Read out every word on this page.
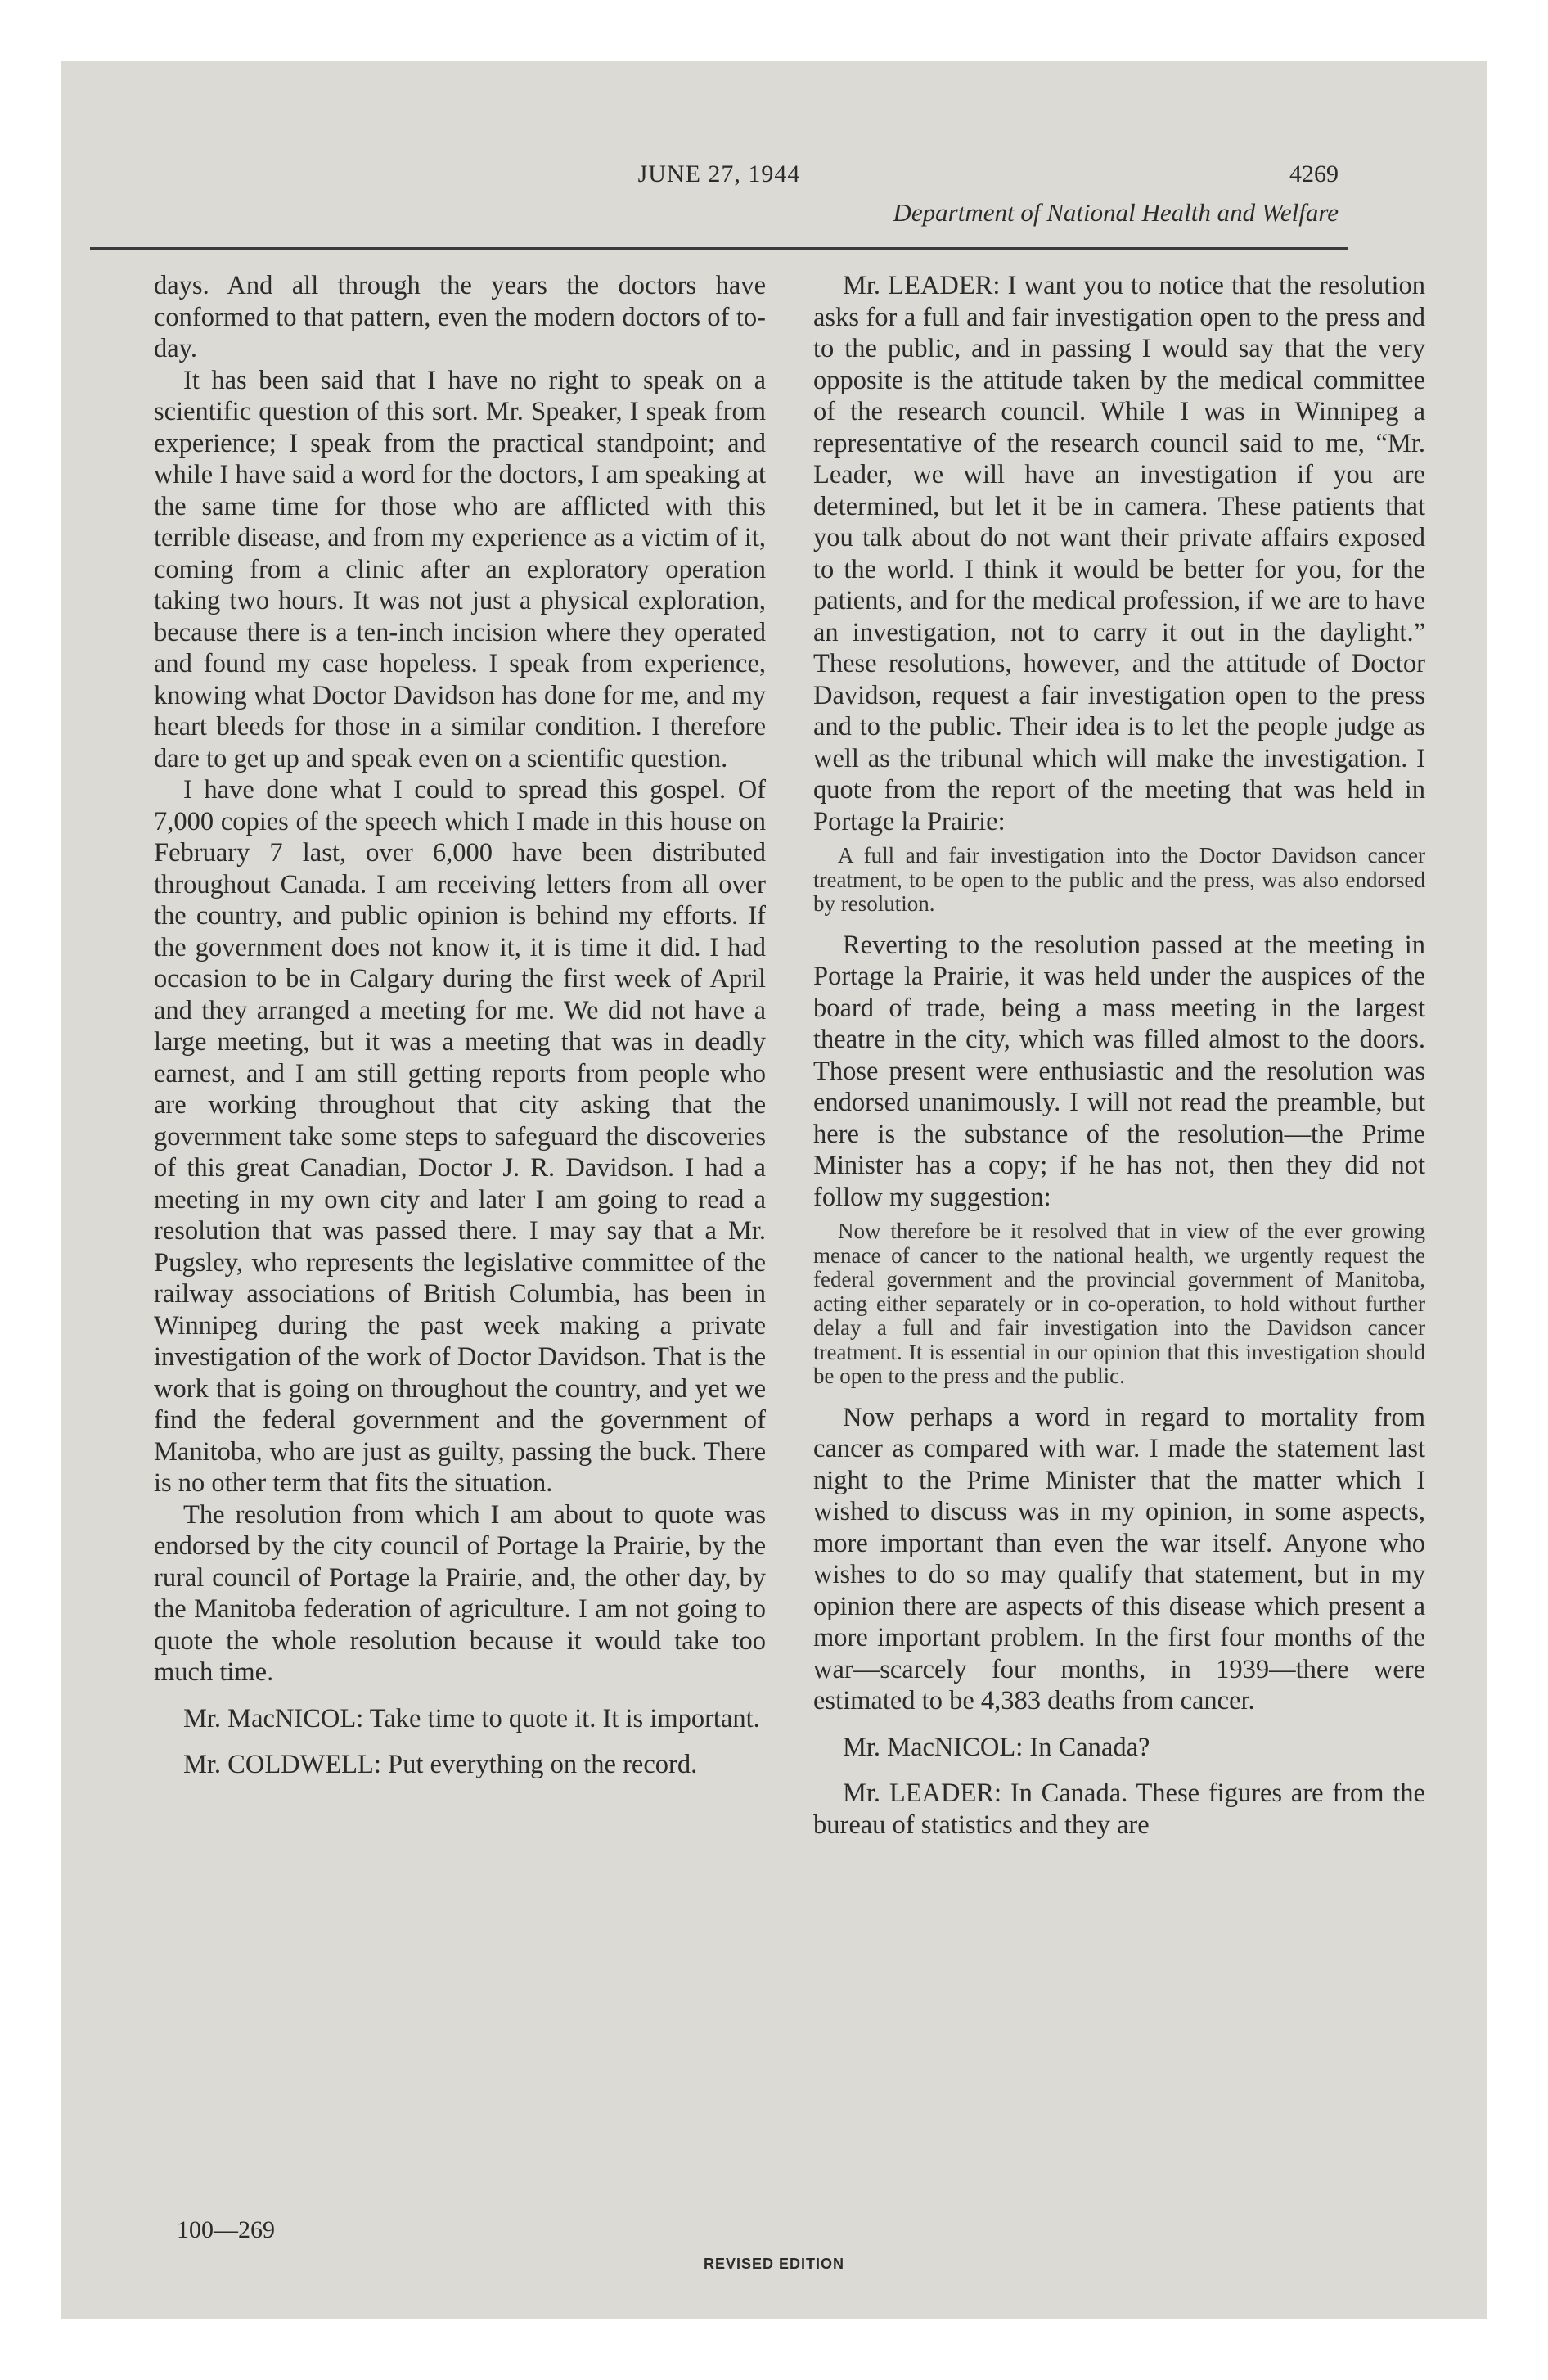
JUNE 27, 1944	4269
Department of National Health and Welfare

days. And all through the years the doctors have conformed to that pattern, even the modern doctors of to-day.

It has been said that I have no right to speak on a scientific question of this sort. Mr. Speaker, I speak from experience; I speak from the practical standpoint; and while I have said a word for the doctors, I am speaking at the same time for those who are afflicted with this terrible disease, and from my experience as a victim of it, coming from a clinic after an exploratory operation taking two hours. It was not just a physical exploration, because there is a ten-inch incision where they operated and found my case hopeless. I speak from experience, knowing what Doctor Davidson has done for me, and my heart bleeds for those in a similar condition. I therefore dare to get up and speak even on a scientific question.

I have done what I could to spread this gospel. Of 7,000 copies of the speech which I made in this house on February 7 last, over 6,000 have been distributed throughout Canada. I am receiving letters from all over the country, and public opinion is behind my efforts. If the government does not know it, it is time it did. I had occasion to be in Calgary during the first week of April and they arranged a meeting for me. We did not have a large meeting, but it was a meeting that was in deadly earnest, and I am still getting reports from people who are working throughout that city asking that the government take some steps to safeguard the discoveries of this great Canadian, Doctor J. R. Davidson. I had a meeting in my own city and later I am going to read a resolution that was passed there. I may say that a Mr. Pugsley, who represents the legislative committee of the railway associations of British Columbia, has been in Winnipeg during the past week making a private investigation of the work of Doctor Davidson. That is the work that is going on throughout the country, and yet we find the federal government and the government of Manitoba, who are just as guilty, passing the buck. There is no other term that fits the situation.

The resolution from which I am about to quote was endorsed by the city council of Portage la Prairie, by the rural council of Portage la Prairie, and, the other day, by the Manitoba federation of agriculture. I am not going to quote the whole resolution because it would take too much time.

Mr. MacNICOL: Take time to quote it. It is important.

Mr. COLDWELL: Put everything on the record.

Mr. LEADER: I want you to notice that the resolution asks for a full and fair investigation open to the press and to the public, and in passing I would say that the very opposite is the attitude taken by the medical committee of the research council. While I was in Winnipeg a representative of the research council said to me, “Mr. Leader, we will have an investigation if you are determined, but let it be in camera. These patients that you talk about do not want their private affairs exposed to the world. I think it would be better for you, for the patients, and for the medical profession, if we are to have an investigation, not to carry it out in the daylight.” These resolutions, however, and the attitude of Doctor Davidson, request a fair investigation open to the press and to the public. Their idea is to let the people judge as well as the tribunal which will make the investigation. I quote from the report of the meeting that was held in Portage la Prairie:

A full and fair investigation into the Doctor Davidson cancer treatment, to be open to the public and the press, was also endorsed by resolution.

Reverting to the resolution passed at the meeting in Portage la Prairie, it was held under the auspices of the board of trade, being a mass meeting in the largest theatre in the city, which was filled almost to the doors. Those present were enthusiastic and the resolution was endorsed unanimously. I will not read the preamble, but here is the substance of the resolution—the Prime Minister has a copy; if he has not, then they did not follow my suggestion:

Now therefore be it resolved that in view of the ever growing menace of cancer to the national health, we urgently request the federal government and the provincial government of Manitoba, acting either separately or in co-operation, to hold without further delay a full and fair investigation into the Davidson cancer treatment. It is essential in our opinion that this investigation should be open to the press and the public.

Now perhaps a word in regard to mortality from cancer as compared with war. I made the statement last night to the Prime Minister that the matter which I wished to discuss was in my opinion, in some aspects, more important than even the war itself. Anyone who wishes to do so may qualify that statement, but in my opinion there are aspects of this disease which present a more important problem. In the first four months of the war—scarcely four months, in 1939—there were estimated to be 4,383 deaths from cancer.

Mr. MacNICOL: In Canada?

Mr. LEADER: In Canada. These figures are from the bureau of statistics and they are

100—269
REVISED EDITION
